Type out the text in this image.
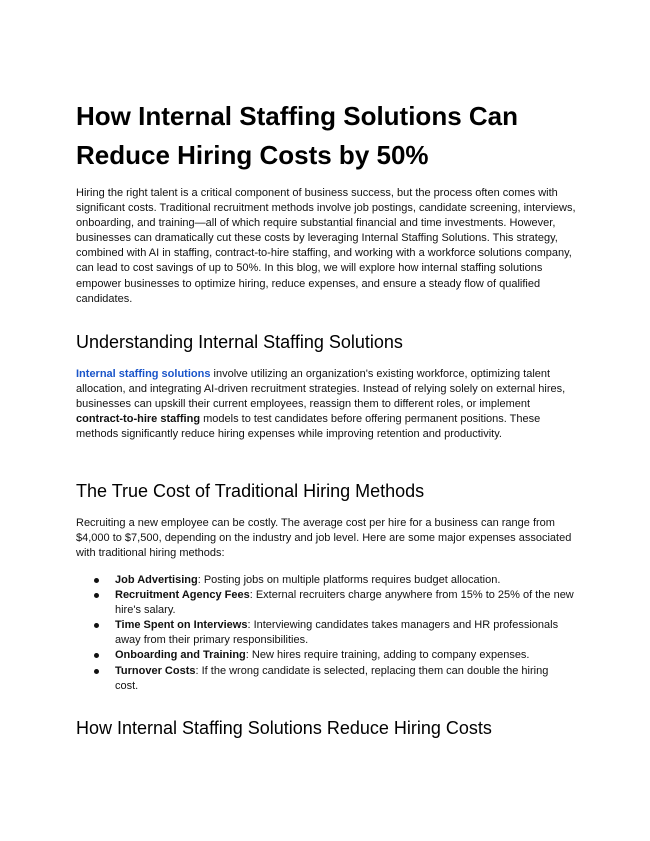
How Internal Staffing Solutions Can Reduce Hiring Costs by 50%

Hiring the right talent is a critical component of business success, but the process often comes with significant costs. Traditional recruitment methods involve job postings, candidate screening, interviews, onboarding, and training—all of which require substantial financial and time investments. However, businesses can dramatically cut these costs by leveraging Internal Staffing Solutions. This strategy, combined with AI in staffing, contract-to-hire staffing, and working with a workforce solutions company, can lead to cost savings of up to 50%. In this blog, we will explore how internal staffing solutions empower businesses to optimize hiring, reduce expenses, and ensure a steady flow of qualified candidates.

Understanding Internal Staffing Solutions

Internal staffing solutions involve utilizing an organization's existing workforce, optimizing talent allocation, and integrating AI-driven recruitment strategies. Instead of relying solely on external hires, businesses can upskill their current employees, reassign them to different roles, or implement contract-to-hire staffing models to test candidates before offering permanent positions. These methods significantly reduce hiring expenses while improving retention and productivity.

The True Cost of Traditional Hiring Methods

Recruiting a new employee can be costly. The average cost per hire for a business can range from $4,000 to $7,500, depending on the industry and job level. Here are some major expenses associated with traditional hiring methods:

Job Advertising: Posting jobs on multiple platforms requires budget allocation.
Recruitment Agency Fees: External recruiters charge anywhere from 15% to 25% of the new hire's salary.
Time Spent on Interviews: Interviewing candidates takes managers and HR professionals away from their primary responsibilities.
Onboarding and Training: New hires require training, adding to company expenses.
Turnover Costs: If the wrong candidate is selected, replacing them can double the hiring cost.
How Internal Staffing Solutions Reduce Hiring Costs
